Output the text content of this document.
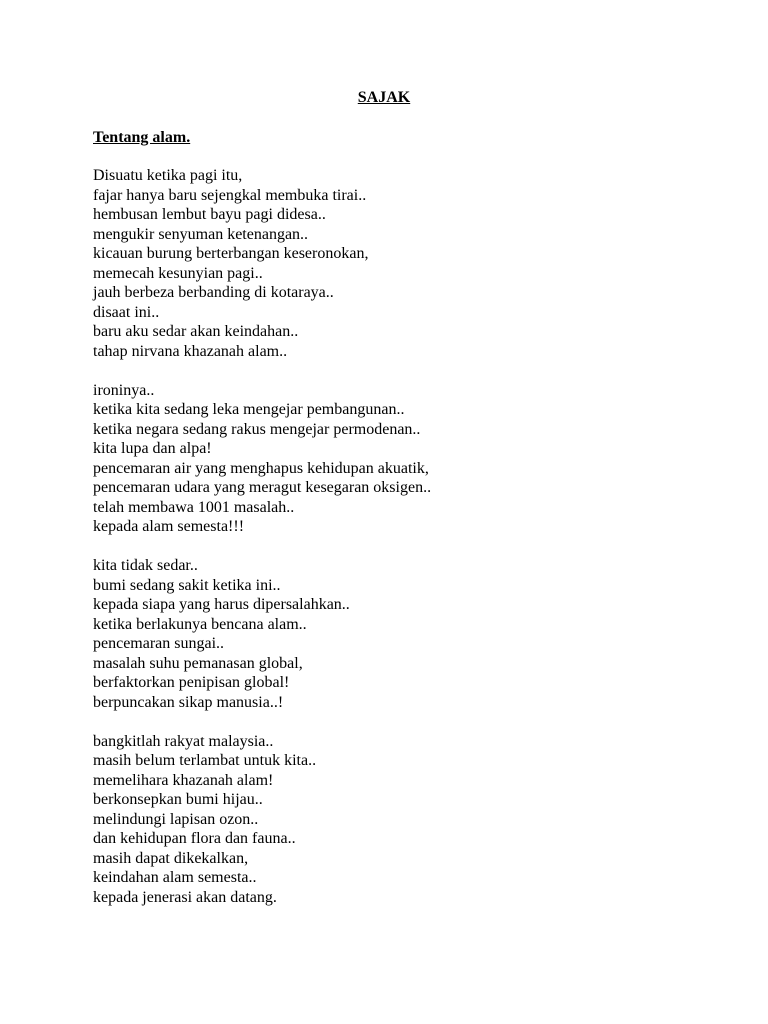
SAJAK
Tentang alam.
Disuatu ketika pagi itu,
fajar hanya baru sejengkal membuka tirai..
hembusan lembut bayu pagi didesa..
mengukir senyuman ketenangan..
kicauan burung berterbangan keseronokan,
memecah kesunyian pagi..
jauh berbeza berbanding di kotaraya..
disaat ini..
baru aku sedar akan keindahan..
tahap nirvana khazanah alam..
ironinya..
ketika kita sedang leka mengejar pembangunan..
ketika negara sedang rakus mengejar permodenan..
kita lupa dan alpa!
pencemaran air yang menghapus kehidupan akuatik,
pencemaran udara yang meragut kesegaran oksigen..
telah membawa 1001 masalah..
kepada alam semesta!!!
kita tidak sedar..
bumi sedang sakit ketika ini..
kepada siapa yang harus dipersalahkan..
ketika berlakunya bencana alam..
pencemaran sungai..
masalah suhu pemanasan global,
berfaktorkan penipisan global!
berpuncakan sikap manusia..!
bangkitlah rakyat malaysia..
masih belum terlambat untuk kita..
memelihara khazanah alam!
berkonsepkan bumi hijau..
melindungi lapisan ozon..
dan kehidupan flora dan fauna..
masih dapat dikekalkan,
keindahan alam semesta..
kepada jenerasi akan datang.
